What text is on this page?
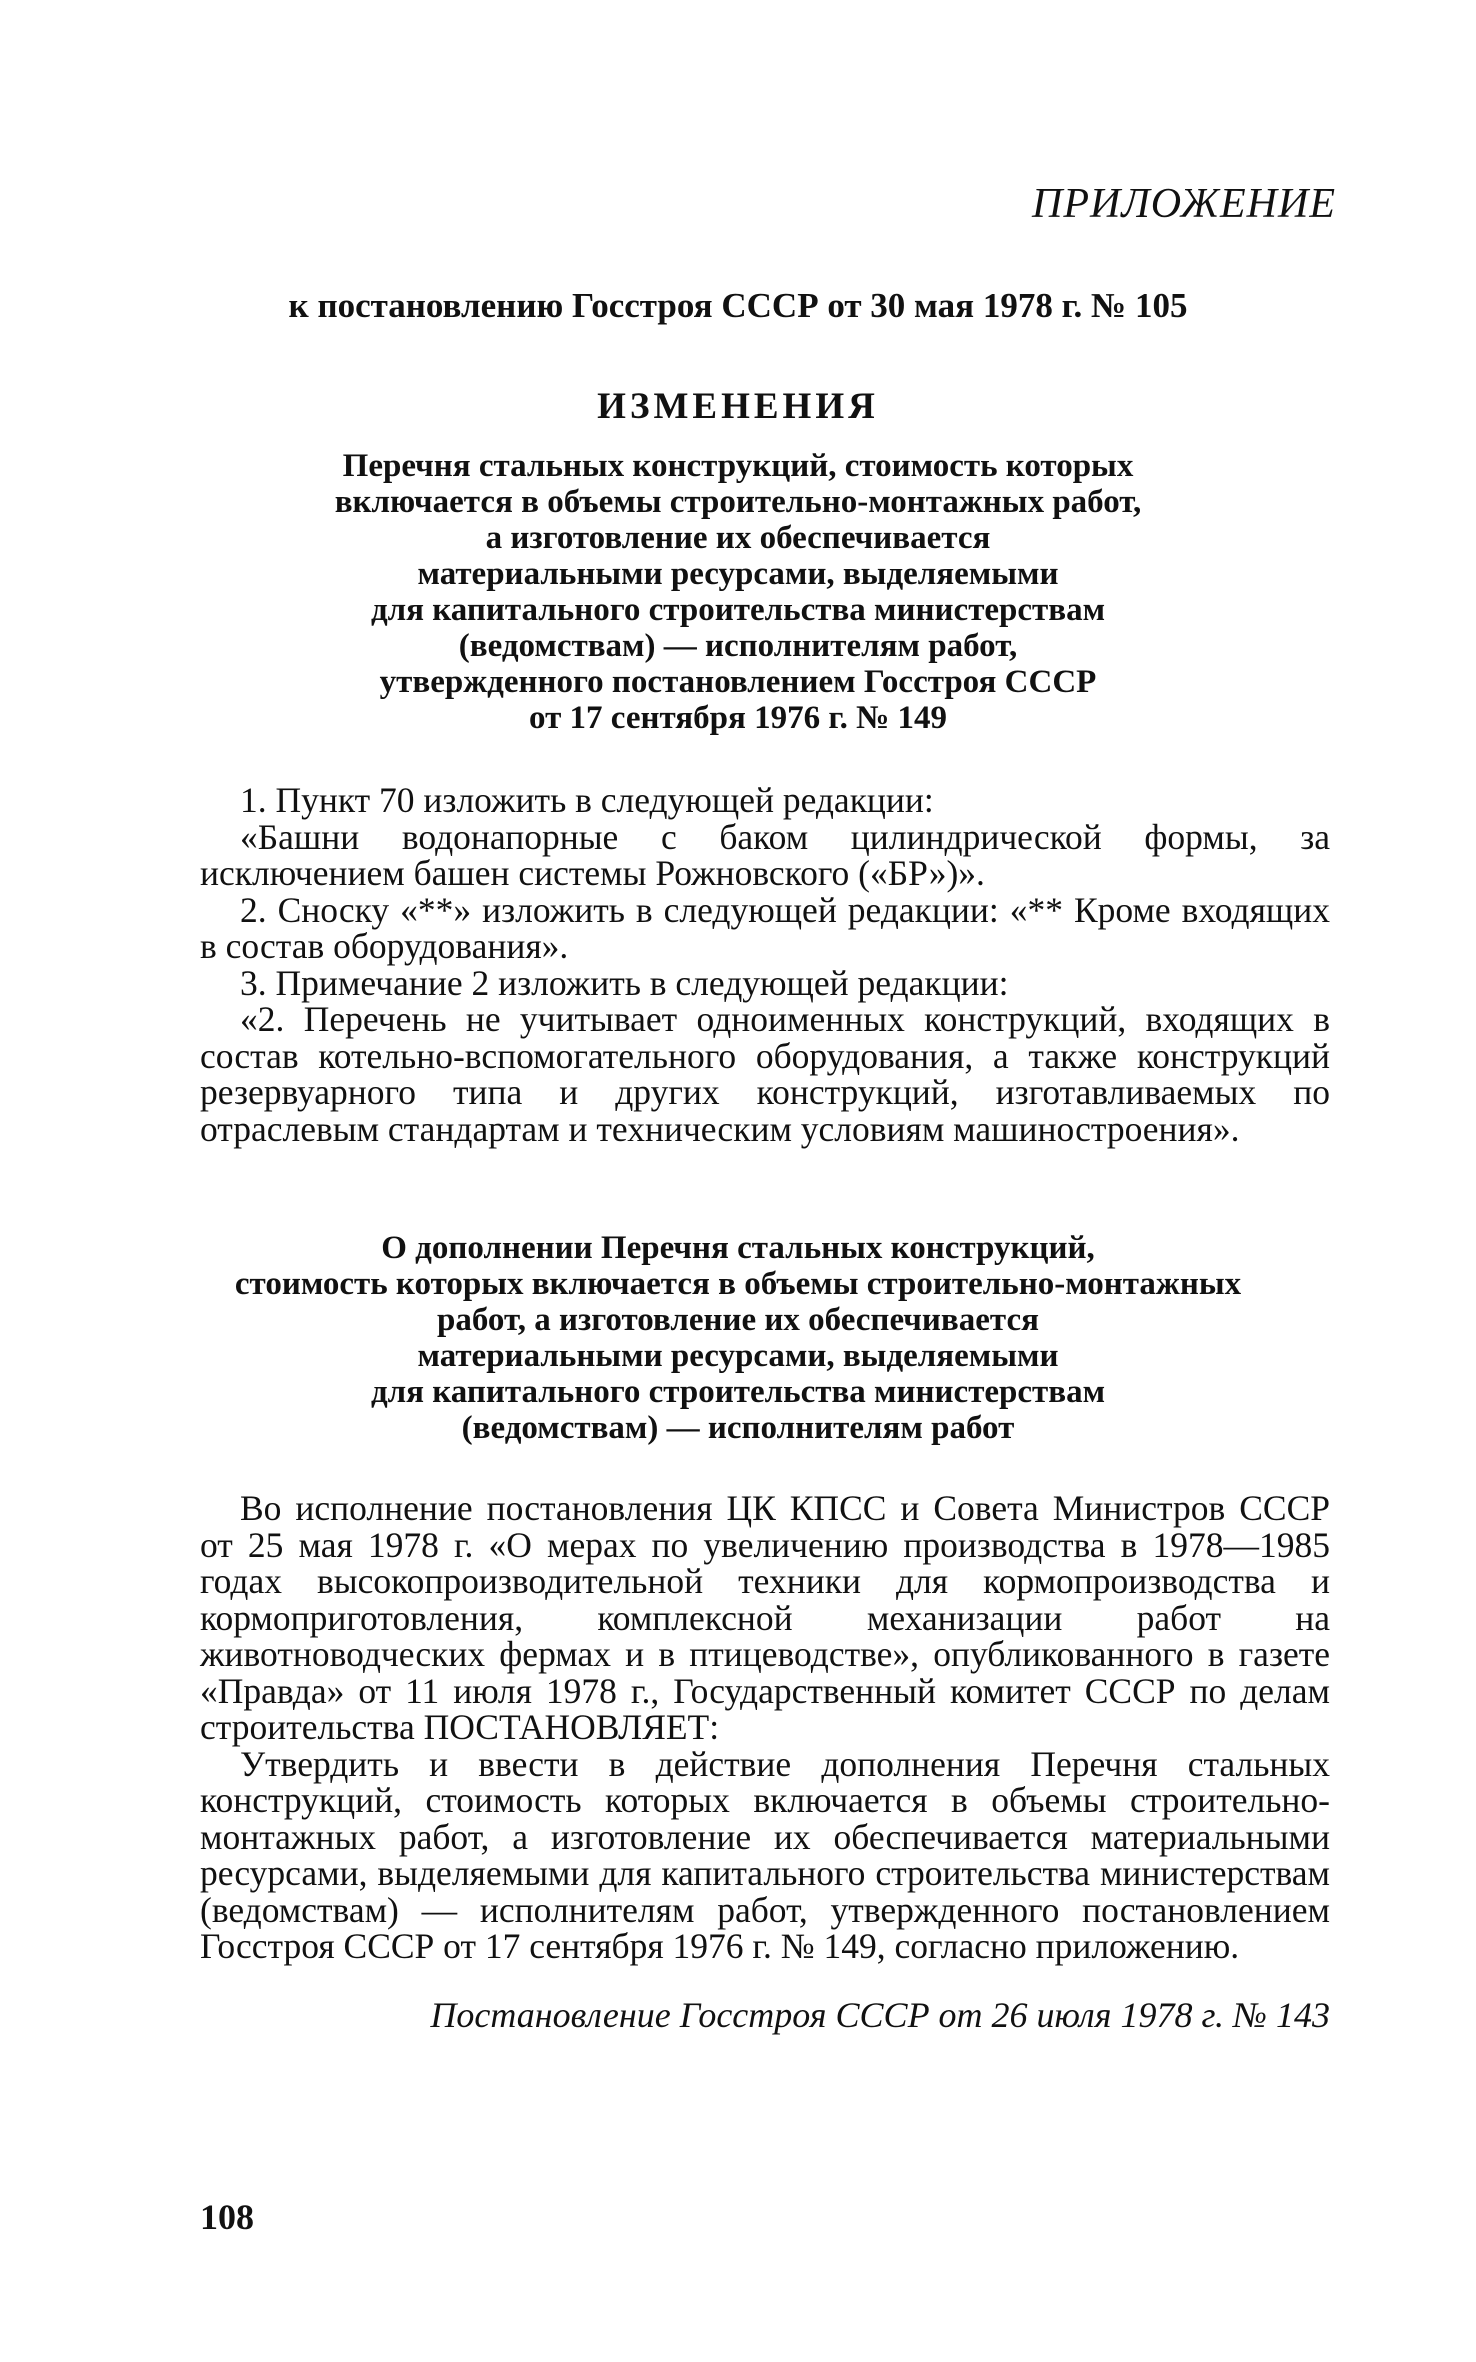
ПРИЛОЖЕНИЕ
к постановлению Госстроя СССР от 30 мая 1978 г. № 105
ИЗМЕНЕНИЯ
Перечня стальных конструкций, стоимость которых
включается в объемы строительно-монтажных работ,
а изготовление их обеспечивается
материальными ресурсами, выделяемыми
для капитального строительства министерствам
(ведомствам) — исполнителям работ,
утвержденного постановлением Госстроя СССР
от 17 сентября 1976 г. № 149

1. Пункт 70 изложить в следующей редакции:

«Башни водонапорные с баком цилиндрической формы, за исключением башен системы Рожновского («БР»)».

2. Сноску «**» изложить в следующей редакции: «** Кроме входящих в состав оборудования».

3. Примечание 2 изложить в следующей редакции:

«2. Перечень не учитывает одноименных конструкций, входящих в состав котельно-вспомогательного оборудования, а также конструкций резервуарного типа и других конструкций, изготавливаемых по отраслевым стандартам и техническим условиям машиностроения».

О дополнении Перечня стальных конструкций,
стоимость которых включается в объемы строительно-монтажных
работ, а изготовление их обеспечивается
материальными ресурсами, выделяемыми
для капитального строительства министерствам
(ведомствам) — исполнителям работ

Во исполнение постановления ЦК КПСС и Совета Министров СССР от 25 мая 1978 г. «О мерах по увеличению производства в 1978—1985 годах высокопроизводительной техники для кормопроизводства и кормоприготовления, комплексной механизации работ на животноводческих фермах и в птицеводстве», опубликованного в газете «Правда» от 11 июля 1978 г., Государственный комитет СССР по делам строительства ПОСТАНОВЛЯЕТ:

Утвердить и ввести в действие дополнения Перечня стальных конструкций, стоимость которых включается в объемы строительно-монтажных работ, а изготовление их обеспечивается материальными ресурсами, выделяемыми для капитального строительства министерствам (ведомствам) — исполнителям работ, утвержденного постановлением Госстроя СССР от 17 сентября 1976 г. № 149, согласно приложению.

Постановление Госстроя СССР от 26 июля 1978 г. № 143
108
